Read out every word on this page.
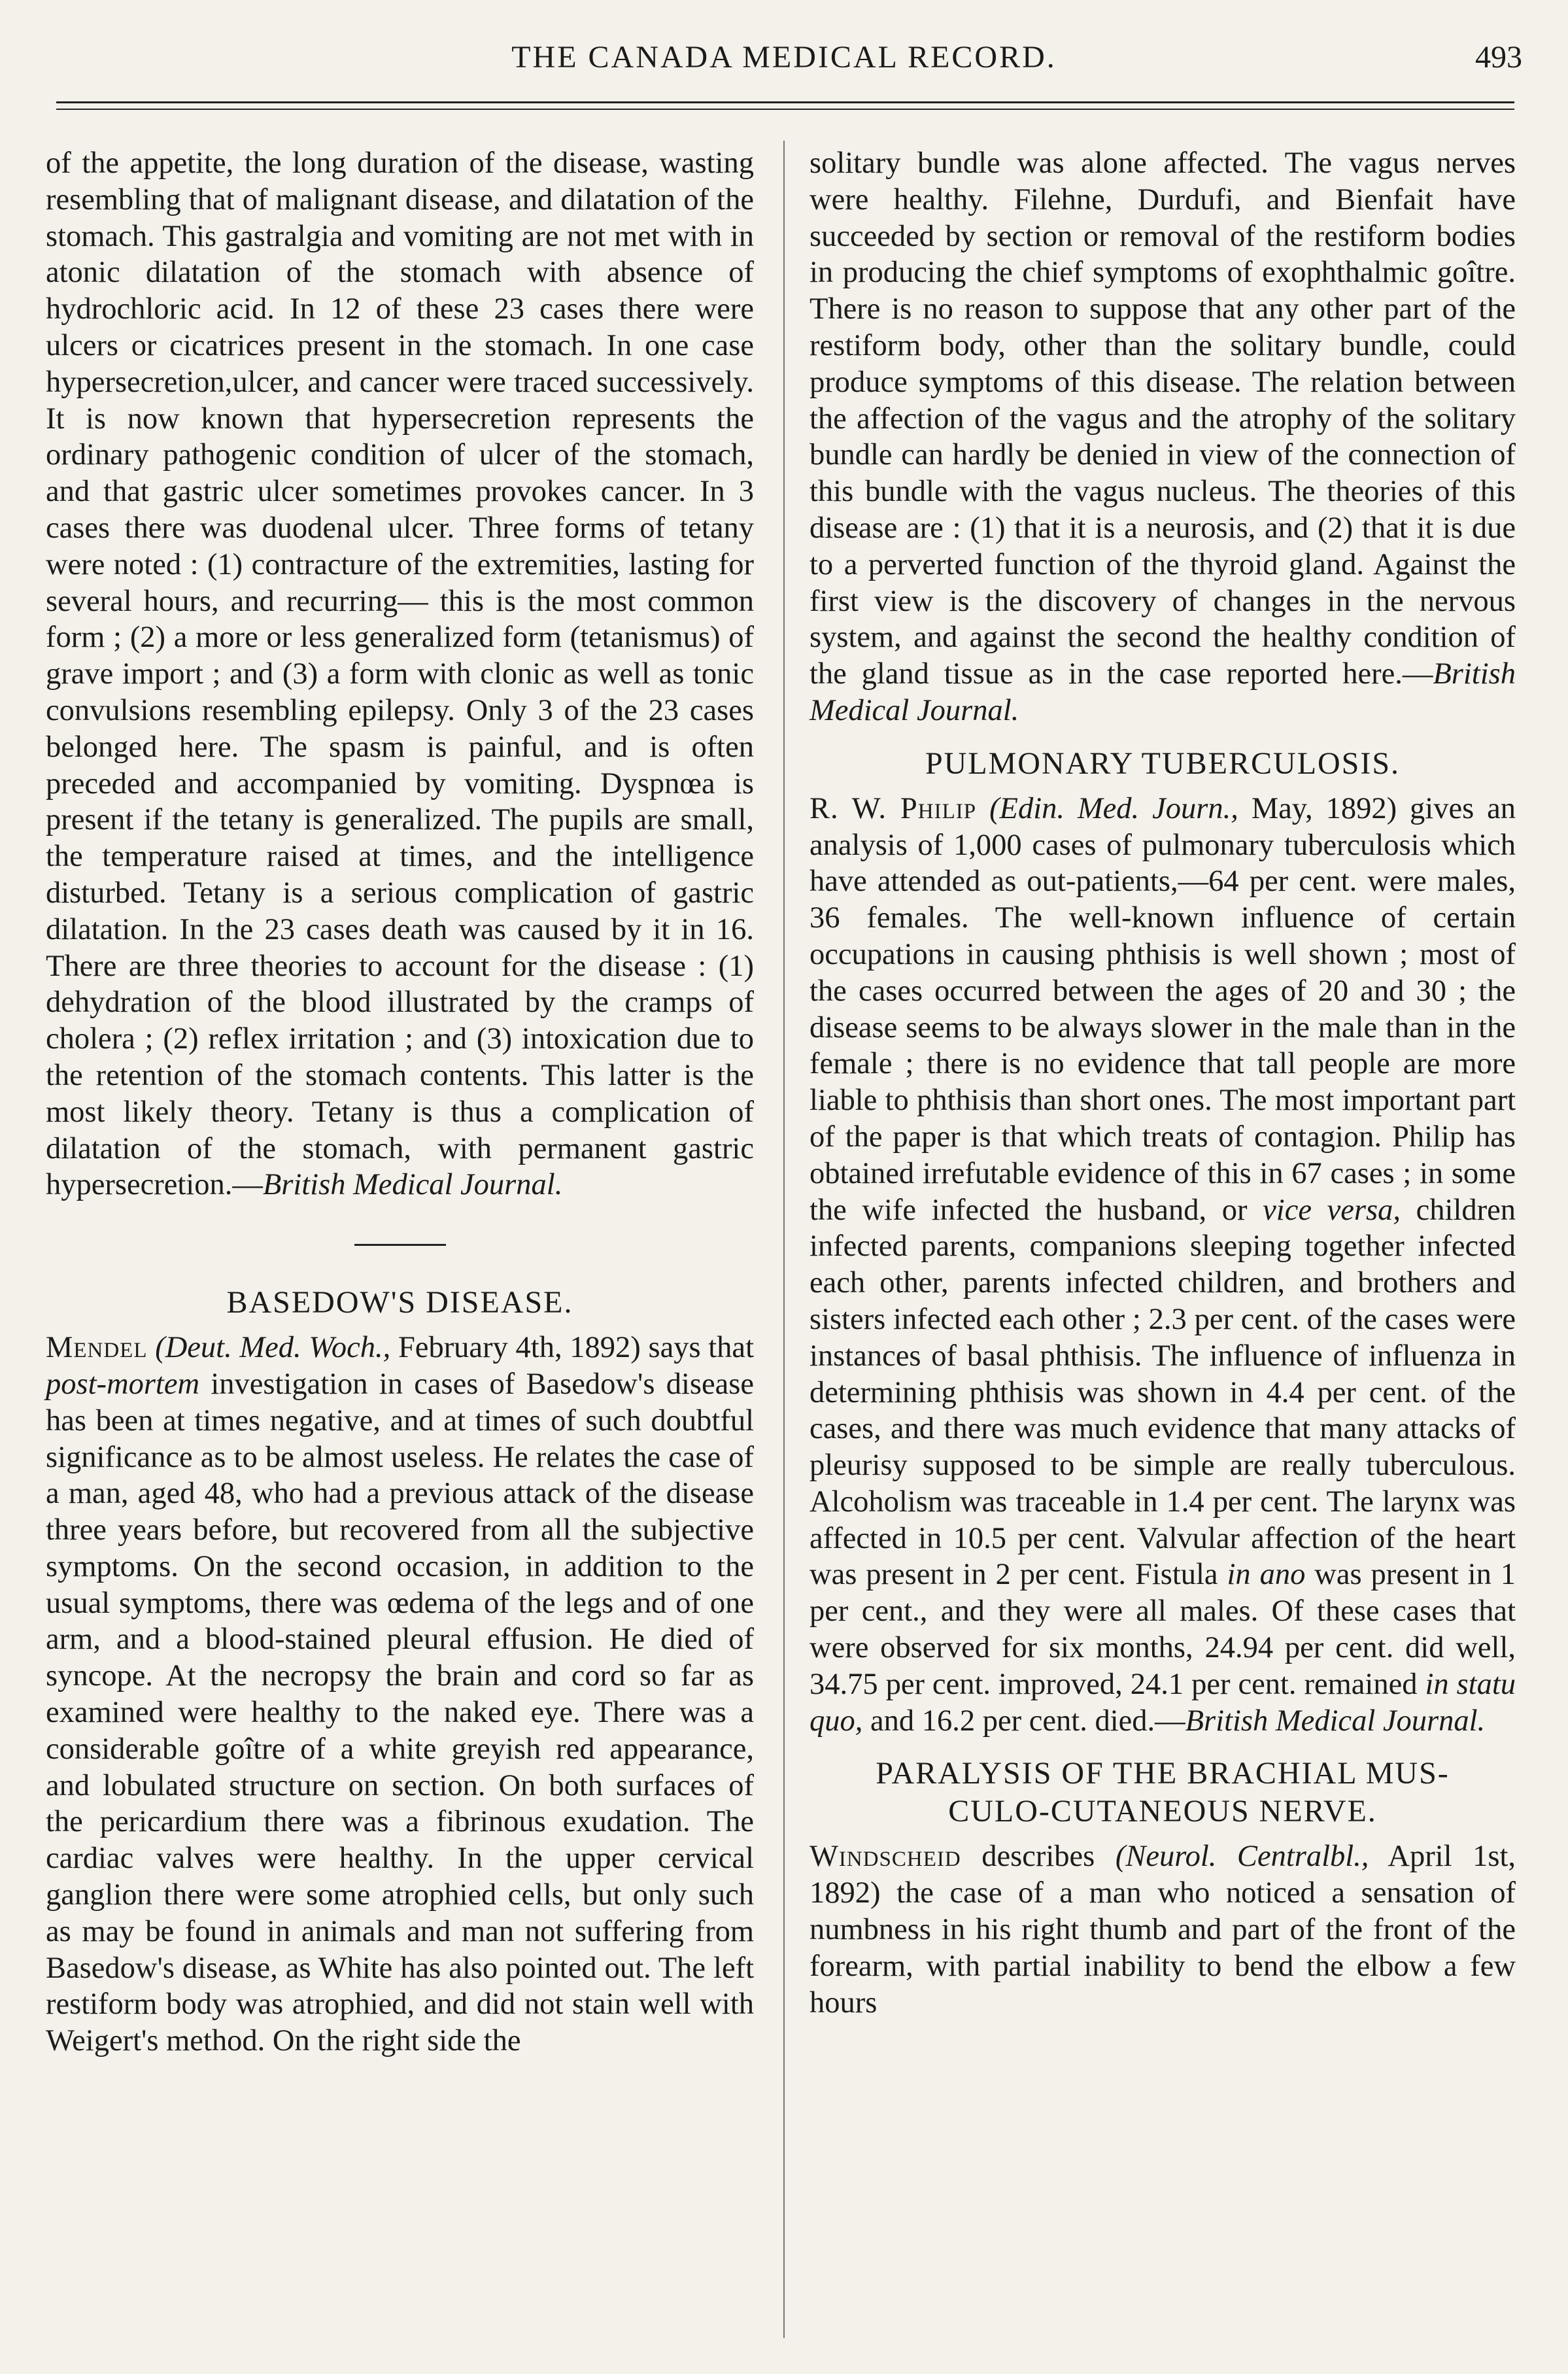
THE CANADA MEDICAL RECORD.	493

of the appetite, the long duration of the disease, wasting resembling that of malignant disease, and dilatation of the stomach. This gastralgia and vomiting are not met with in atonic dilatation of the stomach with absence of hydrochloric acid. In 12 of these 23 cases there were ulcers or cicatrices present in the stomach. In one case hypersecretion,ulcer, and cancer were traced successively. It is now known that hypersecretion represents the ordinary pathogenic condition of ulcer of the stomach, and that gastric ulcer sometimes provokes cancer. In 3 cases there was duodenal ulcer. Three forms of tetany were noted : (1) contracture of the extremities, lasting for several hours, and recurring— this is the most common form ; (2) a more or less generalized form (tetanismus) of grave import ; and (3) a form with clonic as well as tonic convulsions resembling epilepsy. Only 3 of the 23 cases belonged here. The spasm is painful, and is often preceded and accompanied by vomiting. Dyspnœa is present if the tetany is generalized. The pupils are small, the temperature raised at times, and the intelligence disturbed. Tetany is a serious complication of gastric dilatation. In the 23 cases death was caused by it in 16. There are three theories to account for the disease : (1) dehydration of the blood illustrated by the cramps of cholera ; (2) reflex irritation ; and (3) intoxication due to the retention of the stomach contents. This latter is the most likely theory. Tetany is thus a complication of dilatation of the stomach, with permanent gastric hypersecretion.—British Medical Journal.

BASEDOW'S DISEASE.

Mendel (Deut. Med. Woch., February 4th, 1892) says that post-mortem investigation in cases of Basedow's disease has been at times negative, and at times of such doubtful significance as to be almost useless. He relates the case of a man, aged 48, who had a previous attack of the disease three years before, but recovered from all the subjective symptoms. On the second occasion, in addition to the usual symptoms, there was œdema of the legs and of one arm, and a blood-stained pleural effusion. He died of syncope. At the necropsy the brain and cord so far as examined were healthy to the naked eye. There was a considerable goître of a white greyish red appearance, and lobulated structure on section. On both surfaces of the pericardium there was a fibrinous exudation. The cardiac valves were healthy. In the upper cervical ganglion there were some atrophied cells, but only such as may be found in animals and man not suffering from Basedow's disease, as White has also pointed out. The left restiform body was atrophied, and did not stain well with Weigert's method. On the right side the

solitary bundle was alone affected. The vagus nerves were healthy. Filehne, Durdufi, and Bienfait have succeeded by section or removal of the restiform bodies in producing the chief symptoms of exophthalmic goître. There is no reason to suppose that any other part of the restiform body, other than the solitary bundle, could produce symptoms of this disease. The relation between the affection of the vagus and the atrophy of the solitary bundle can hardly be denied in view of the connection of this bundle with the vagus nucleus. The theories of this disease are : (1) that it is a neurosis, and (2) that it is due to a perverted function of the thyroid gland. Against the first view is the discovery of changes in the nervous system, and against the second the healthy condition of the gland tissue as in the case reported here.—British Medical Journal.

PULMONARY TUBERCULOSIS.

R. W. Philip (Edin. Med. Journ., May, 1892) gives an analysis of 1,000 cases of pulmonary tuberculosis which have attended as out-patients,—64 per cent. were males, 36 females. The well-known influence of certain occupations in causing phthisis is well shown ; most of the cases occurred between the ages of 20 and 30 ; the disease seems to be always slower in the male than in the female ; there is no evidence that tall people are more liable to phthisis than short ones. The most important part of the paper is that which treats of contagion. Philip has obtained irrefutable evidence of this in 67 cases ; in some the wife infected the husband, or vice versa, children infected parents, companions sleeping together infected each other, parents infected children, and brothers and sisters infected each other ; 2.3 per cent. of the cases were instances of basal phthisis. The influence of influenza in determining phthisis was shown in 4.4 per cent. of the cases, and there was much evidence that many attacks of pleurisy supposed to be simple are really tuberculous. Alcoholism was traceable in 1.4 per cent. The larynx was affected in 10.5 per cent. Valvular affection of the heart was present in 2 per cent. Fistula in ano was present in 1 per cent., and they were all males. Of these cases that were observed for six months, 24.94 per cent. did well, 34.75 per cent. improved, 24.1 per cent. remained in statu quo, and 16.2 per cent. died.—British Medical Journal.

PARALYSIS OF THE BRACHIAL MUS-
CULO-CUTANEOUS NERVE.

Windscheid describes (Neurol. Centralbl., April 1st, 1892) the case of a man who noticed a sensation of numbness in his right thumb and part of the front of the forearm, with partial inability to bend the elbow a few hours
